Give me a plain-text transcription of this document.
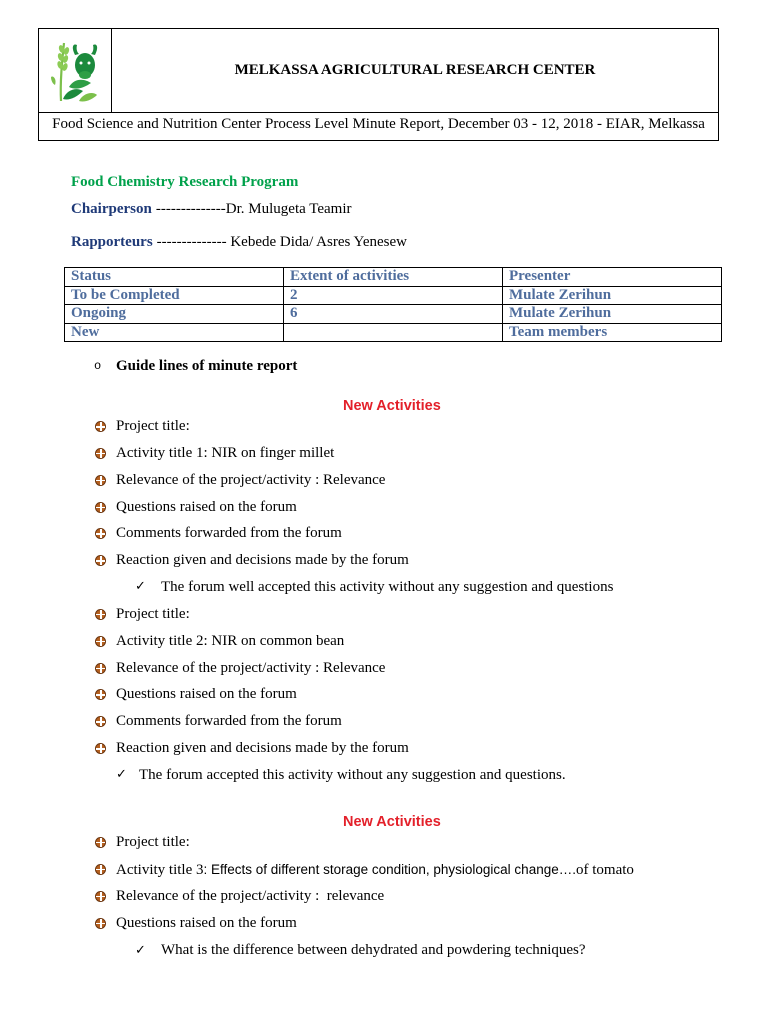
MELKASSA AGRICULTURAL RESEARCH CENTER
Food Science and Nutrition Center Process Level Minute Report, December 03 - 12, 2018 - EIAR, Melkassa
Food Chemistry Research Program
Chairperson --------------Dr. Mulugeta Teamir
Rapporteurs -------------- Kebede Dida/ Asres Yenesew
Status	Extent of activities	Presenter
To be Completed	2	Mulate Zerihun
Ongoing	6	Mulate Zerihun
New		Team members
o Guide lines of minute report
New Activities
Project title:
Activity title 1: NIR on finger millet
Relevance of the project/activity : Relevance
Questions raised on the forum
Comments forwarded from the forum
Reaction given and decisions made by the forum
✓ The forum well accepted this activity without any suggestion and questions
Project title:
Activity title 2: NIR on common bean
Relevance of the project/activity : Relevance
Questions raised on the forum
Comments forwarded from the forum
Reaction given and decisions made by the forum
✓ The forum accepted this activity without any suggestion and questions.
New Activities
Project title:
Activity title 3: Effects of different storage condition, physiological change….of tomato
Relevance of the project/activity :  relevance
Questions raised on the forum
✓ What is the difference between dehydrated and powdering techniques?
